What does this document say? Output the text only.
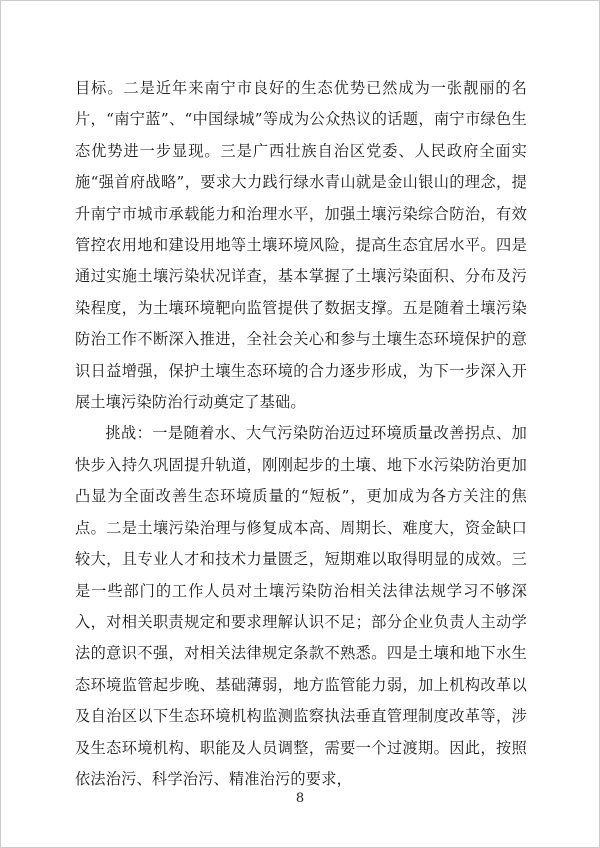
目标。二是近年来南宁市良好的生态优势已然成为一张靓丽的名片，“南宁蓝”、“中国绿城”等成为公众热议的话题，南宁市绿色生态优势进一步显现。三是广西壮族自治区党委、人民政府全面实施“强首府战略”，要求大力践行绿水青山就是金山银山的理念，提升南宁市城市承载能力和治理水平，加强土壤污染综合防治，有效管控农用地和建设用地等土壤环境风险，提高生态宜居水平。四是通过实施土壤污染状况详查，基本掌握了土壤污染面积、分布及污染程度，为土壤环境靶向监管提供了数据支撑。五是随着土壤污染防治工作不断深入推进，全社会关心和参与土壤生态环境保护的意识日益增强，保护土壤生态环境的合力逐步形成，为下一步深入开展土壤污染防治行动奠定了基础。

挑战：一是随着水、大气污染防治迈过环境质量改善拐点、加快步入持久巩固提升轨道，刚刚起步的土壤、地下水污染防治更加凸显为全面改善生态环境质量的“短板”，更加成为各方关注的焦点。二是土壤污染治理与修复成本高、周期长、难度大，资金缺口较大，且专业人才和技术力量匮乏，短期难以取得明显的成效。三是一些部门的工作人员对土壤污染防治相关法律法规学习不够深入，对相关职责规定和要求理解认识不足；部分企业负责人主动学法的意识不强，对相关法律规定条款不熟悉。四是土壤和地下水生态环境监管起步晚、基础薄弱，地方监管能力弱，加上机构改革以及自治区以下生态环境机构监测监察执法垂直管理制度改革等，涉及生态环境机构、职能及人员调整，需要一个过渡期。因此，按照依法治污、科学治污、精准治污的要求，

8
